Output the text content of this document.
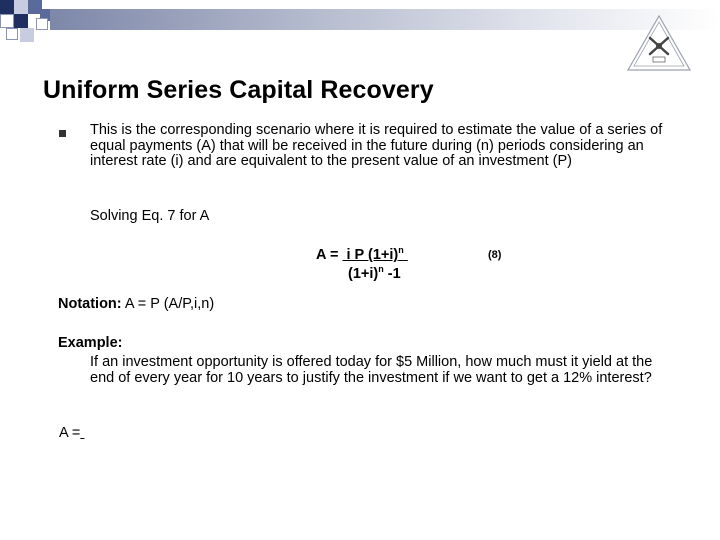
Uniform Series Capital Recovery

This is the corresponding scenario where it is required to estimate the value of a series of equal payments (A) that will be received in the future during (n) periods considering an interest rate (i) and are equivalent to the present value of an investment (P)

Solving Eq. 7 for A
A =  i P $(1+i)^n$
$(1+i)^n$ -1
(8)
Notation: A = P (A/P,i,n)
Example:

If an investment opportunity is offered today for $5 Million, how much must it yield at the end of every year for 10 years to justify the investment if we want to get a 12% interest?

A =
